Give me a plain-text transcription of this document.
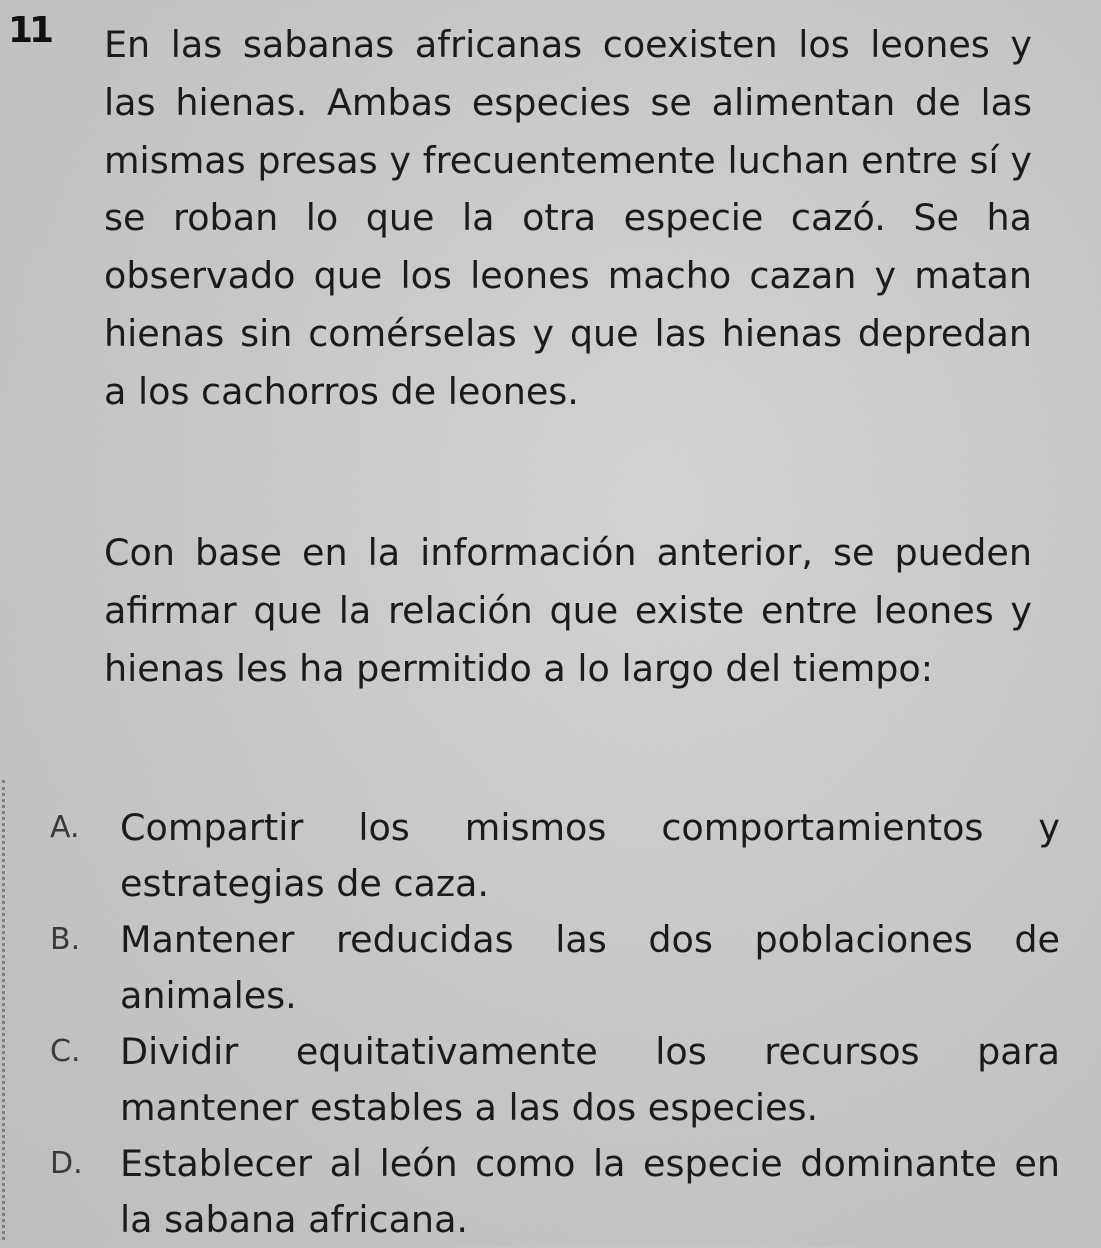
11 En las sabanas africanas coexisten los leones y las hienas. Ambas especies se alimentan de las mismas presas y frecuentemente luchan entre sí y se roban lo que la otra especie cazó. Se ha observado que los leones macho cazan y matan hienas sin comérselas y que las hienas depredan a los cachorros de leones.

Con base en la información anterior, se pueden afirmar que la relación que existe entre leones y hienas les ha permitido a lo largo del tiempo:

A.	Compartir los mismos comportamientos y estrategias de caza.
B.	Mantener reducidas las dos poblaciones de animales.
C.	Dividir equitativamente los recursos para mantener estables a las dos especies.
D.	Establecer al león como la especie dominante en la sabana africana.
